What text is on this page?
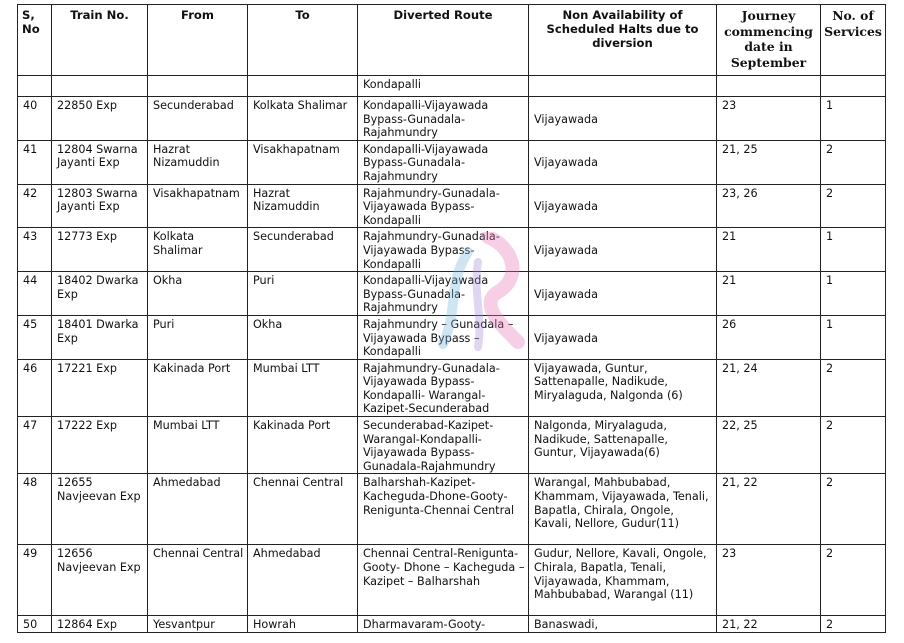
S, No	Train No.	From	To	Diverted Route	Non Availability of Scheduled Halts due to diversion	Journey commencing date in September	No. of Services
				Kondapalli			
40	22850 Exp	Secunderabad	Kolkata Shalimar	Kondapalli-Vijayawada Bypass-Gunadala-Rajahmundry	Vijayawada	23	1
41	12804 Swarna Jayanti Exp	Hazrat Nizamuddin	Visakhapatnam	Kondapalli-Vijayawada Bypass-Gunadala-Rajahmundry	Vijayawada	21, 25	2
42	12803 Swarna Jayanti Exp	Visakhapatnam	Hazrat Nizamuddin	Rajahmundry-Gunadala-Vijayawada Bypass-Kondapalli	Vijayawada	23, 26	2
43	12773 Exp	Kolkata Shalimar	Secunderabad	Rajahmundry-Gunadala-Vijayawada Bypass-Kondapalli	Vijayawada	21	1
44	18402 Dwarka Exp	Okha	Puri	Kondapalli-Vijayawada Bypass-Gunadala-Rajahmundry	Vijayawada	21	1
45	18401 Dwarka Exp	Puri	Okha	Rajahmundry – Gunadala – Vijayawada Bypass – Kondapalli	Vijayawada	26	1
46	17221 Exp	Kakinada Port	Mumbai LTT	Rajahmundry-Gunadala-Vijayawada Bypass-Kondapalli- Warangal-Kazipet-Secunderabad	Vijayawada, Guntur, Sattenapalle, Nadikude, Miryalaguda, Nalgonda (6)	21, 24	2
47	17222 Exp	Mumbai LTT	Kakinada Port	Secunderabad-Kazipet-Warangal-Kondapalli-Vijayawada Bypass-Gunadala-Rajahmundry	Nalgonda, Miryalaguda, Nadikude, Sattenapalle, Guntur, Vijayawada(6)	22, 25	2
48	12655 Navjeevan Exp	Ahmedabad	Chennai Central	Balharshah-Kazipet-Kacheguda-Dhone-Gooty-Renigunta-Chennai Central	Warangal, Mahbubabad, Khammam, Vijayawada, Tenali, Bapatla, Chirala, Ongole, Kavali, Nellore, Gudur(11)	21, 22	2
49	12656 Navjeevan Exp	Chennai Central	Ahmedabad	Chennai Central-Renigunta-Gooty- Dhone – Kacheguda – Kazipet – Balharshah	Gudur, Nellore, Kavali, Ongole, Chirala, Bapatla, Tenali, Vijayawada, Khammam, Mahbubabad, Warangal (11)	23	2
50	12864 Exp	Yesvantpur	Howrah	Dharmavaram-Gooty-	Banaswadi,	21, 22	2
